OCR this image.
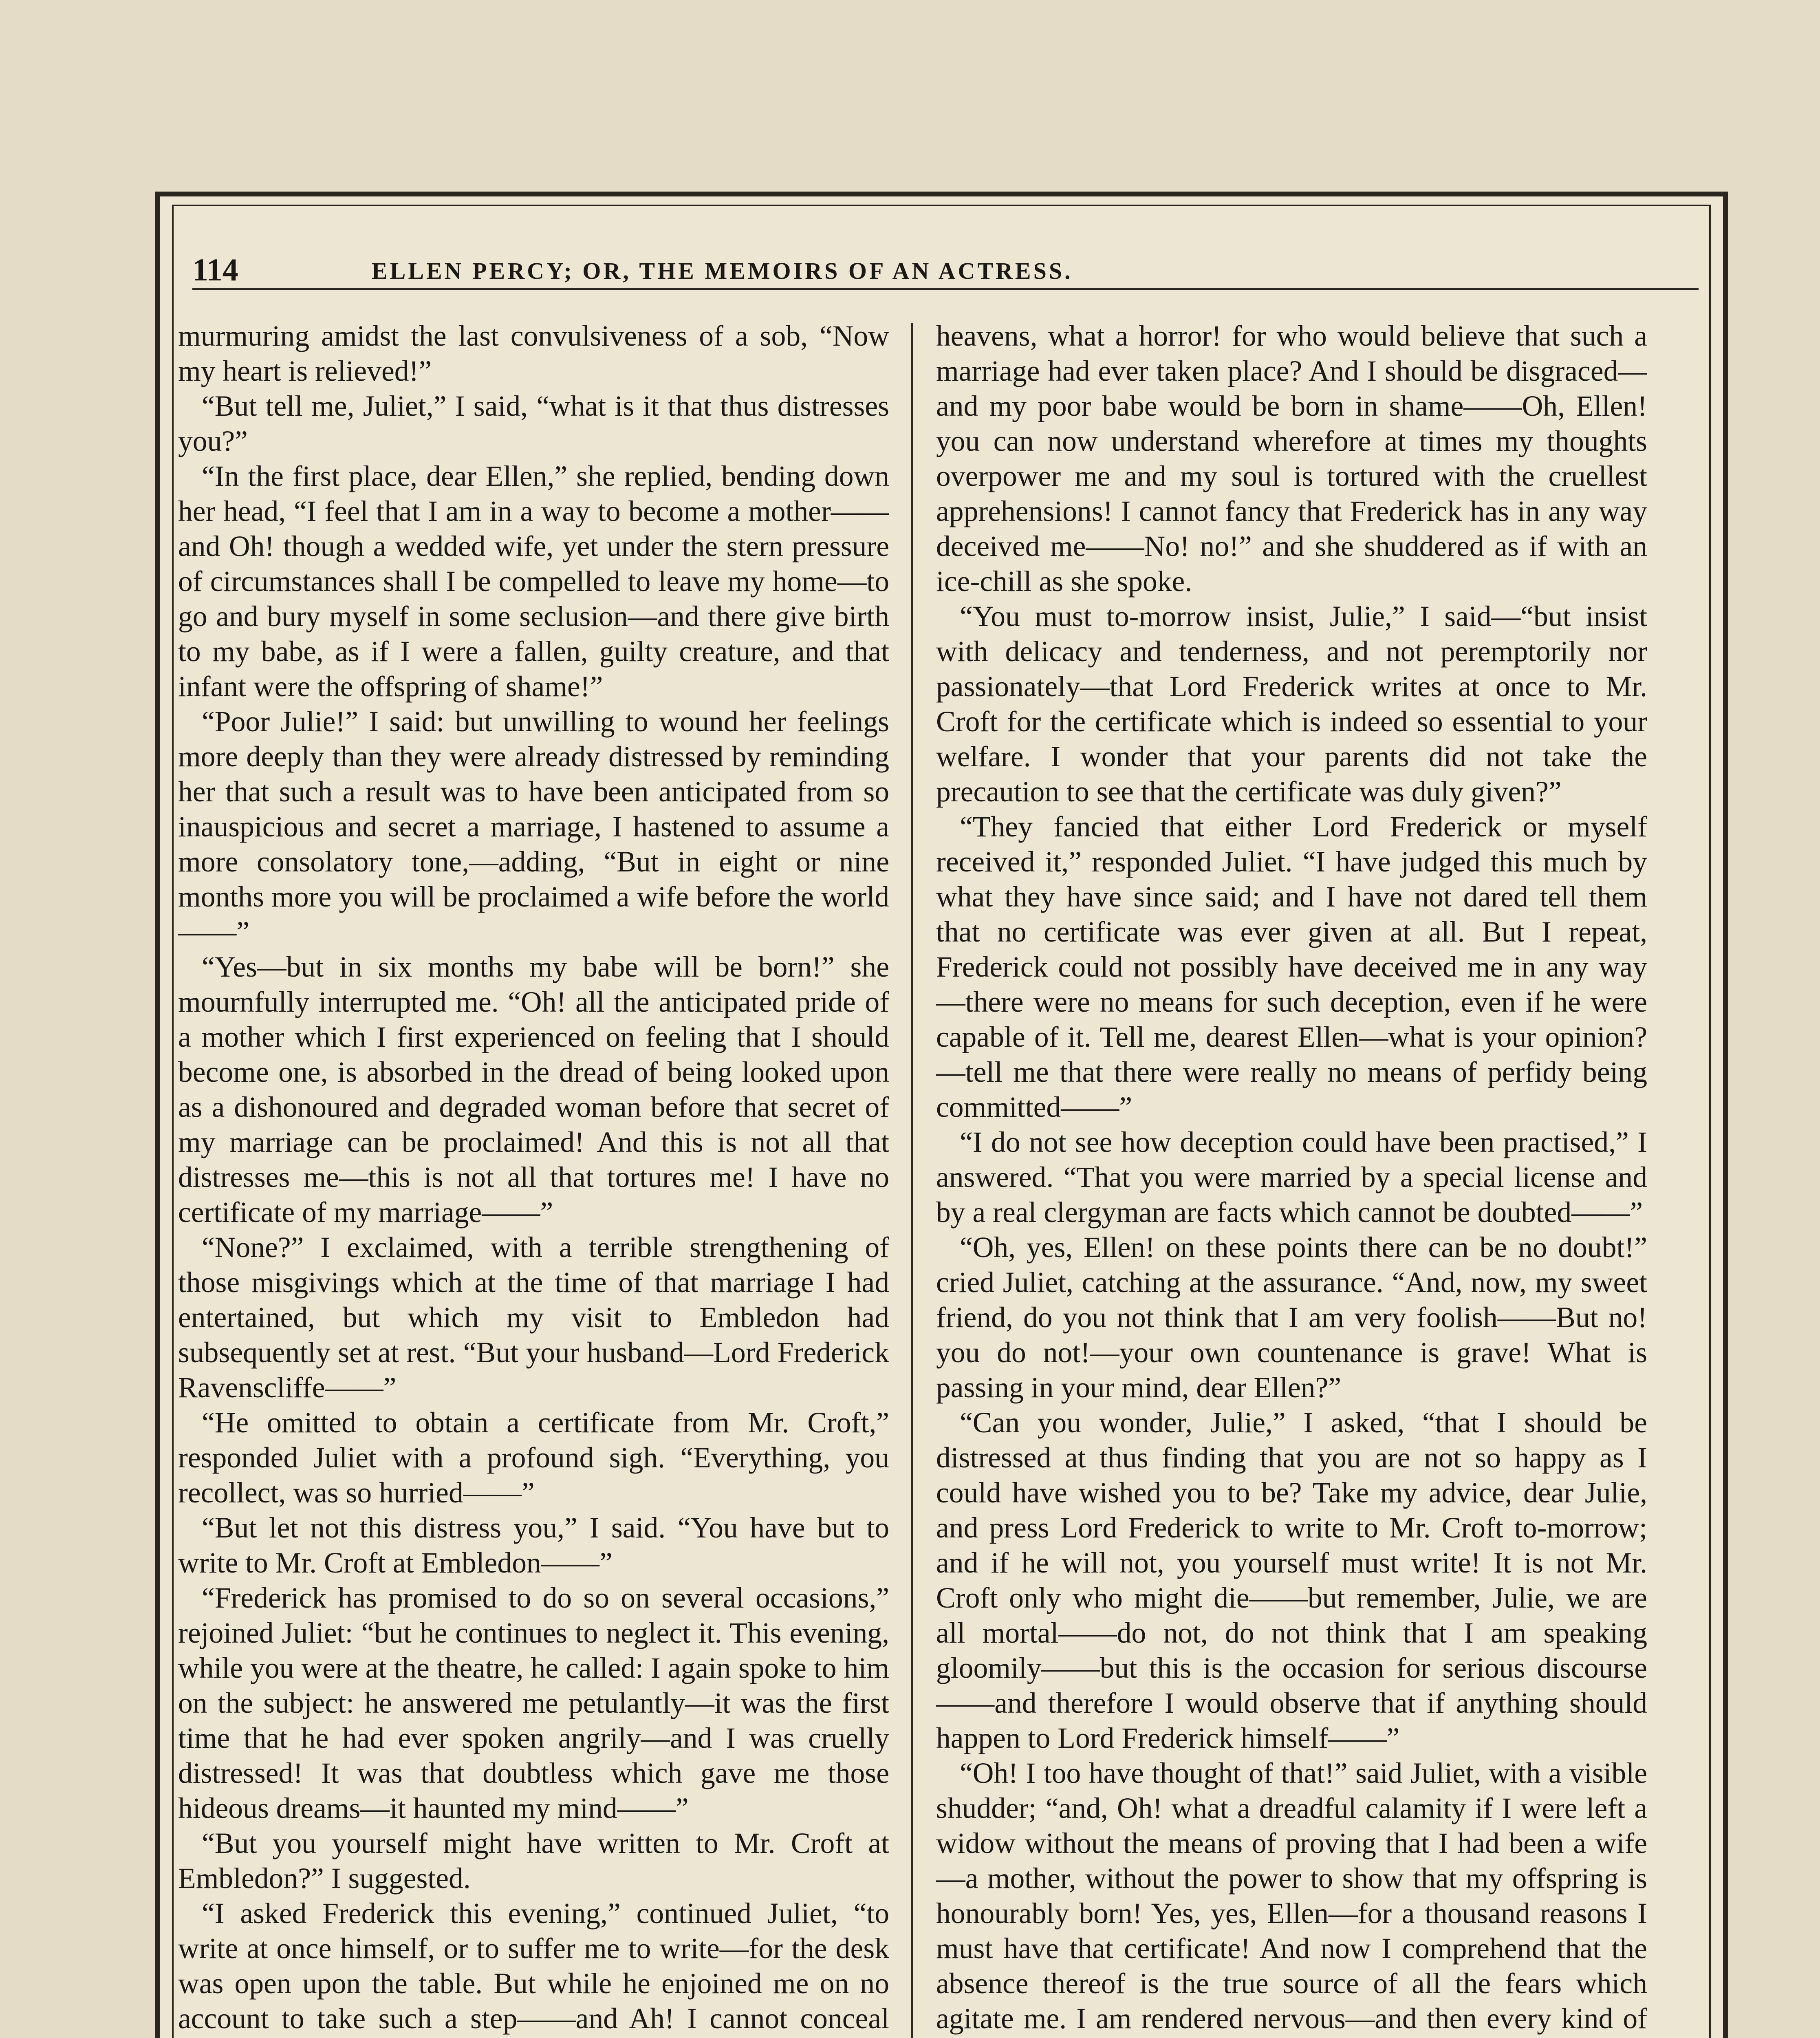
114	ELLEN PERCY; OR, THE MEMOIRS OF AN ACTRESS.

murmuring amidst the last convulsiveness of a sob, “Now my heart is relieved!”

“But tell me, Juliet,” I said, “what is it that thus distresses you?”

“In the first place, dear Ellen,” she replied, bending down her head, “I feel that I am in a way to become a mother——and Oh! though a wedded wife, yet under the stern pressure of circumstances shall I be compelled to leave my home—to go and bury myself in some seclusion—and there give birth to my babe, as if I were a fallen, guilty creature, and that infant were the offspring of shame!”

“Poor Julie!” I said: but unwilling to wound her feelings more deeply than they were already distressed by reminding her that such a result was to have been anticipated from so inauspicious and secret a marriage, I hastened to assume a more consolatory tone,—adding, “But in eight or nine months more you will be proclaimed a wife before the world——”

“Yes—but in six months my babe will be born!” she mournfully interrupted me. “Oh! all the anticipated pride of a mother which I first experienced on feeling that I should become one, is absorbed in the dread of being looked upon as a dishonoured and degraded woman before that secret of my marriage can be proclaimed! And this is not all that distresses me—this is not all that tortures me! I have no certificate of my marriage——”

“None?” I exclaimed, with a terrible strengthening of those misgivings which at the time of that marriage I had entertained, but which my visit to Embledon had subsequently set at rest. “But your husband—Lord Frederick Ravenscliffe——”

“He omitted to obtain a certificate from Mr. Croft,” responded Juliet with a profound sigh. “Everything, you recollect, was so hurried——”

“But let not this distress you,” I said. “You have but to write to Mr. Croft at Embledon——”

“Frederick has promised to do so on several occasions,” rejoined Juliet: “but he continues to neglect it. This evening, while you were at the theatre, he called: I again spoke to him on the subject: he answered me petulantly—it was the first time that he had ever spoken angrily—and I was cruelly distressed! It was that doubtless which gave me those hideous dreams—it haunted my mind——”

“But you yourself might have written to Mr. Croft at Embledon?” I suggested.

“I asked Frederick this evening,” continued Juliet, “to write at once himself, or to suffer me to write—for the desk was open upon the table. But while he enjoined me on no account to take such a step——and Ah! I cannot conceal

heavens, what a horror! for who would believe that such a marriage had ever taken place? And I should be disgraced—and my poor babe would be born in shame——Oh, Ellen! you can now understand wherefore at times my thoughts overpower me and my soul is tortured with the cruellest apprehensions! I cannot fancy that Frederick has in any way deceived me——No! no!” and she shuddered as if with an ice-chill as she spoke.

“You must to-morrow insist, Julie,” I said—“but insist with delicacy and tenderness, and not peremptorily nor passionately—that Lord Frederick writes at once to Mr. Croft for the certificate which is indeed so essential to your welfare. I wonder that your parents did not take the precaution to see that the certificate was duly given?”

“They fancied that either Lord Frederick or myself received it,” responded Juliet. “I have judged this much by what they have since said; and I have not dared tell them that no certificate was ever given at all. But I repeat, Frederick could not possibly have deceived me in any way—there were no means for such deception, even if he were capable of it. Tell me, dearest Ellen—what is your opinion?—tell me that there were really no means of perfidy being committed——”

“I do not see how deception could have been practised,” I answered. “That you were married by a special license and by a real clergyman are facts which cannot be doubted——”

“Oh, yes, Ellen! on these points there can be no doubt!” cried Juliet, catching at the assurance. “And, now, my sweet friend, do you not think that I am very foolish——But no! you do not!—your own countenance is grave! What is passing in your mind, dear Ellen?”

“Can you wonder, Julie,” I asked, “that I should be distressed at thus finding that you are not so happy as I could have wished you to be? Take my advice, dear Julie, and press Lord Frederick to write to Mr. Croft to-morrow; and if he will not, you yourself must write! It is not Mr. Croft only who might die——but remember, Julie, we are all mortal——do not, do not think that I am speaking gloomily——but this is the occasion for serious discourse——and therefore I would observe that if anything should happen to Lord Frederick himself——”

“Oh! I too have thought of that!” said Juliet, with a visible shudder; “and, Oh! what a dreadful calamity if I were left a widow without the means of proving that I had been a wife—a mother, without the power to show that my offspring is honourably born! Yes, yes, Ellen—for a thousand reasons I must have that certificate! And now I comprehend that the absence thereof is the true source of all the fears which agitate me. I am rendered nervous—and then every kind of
